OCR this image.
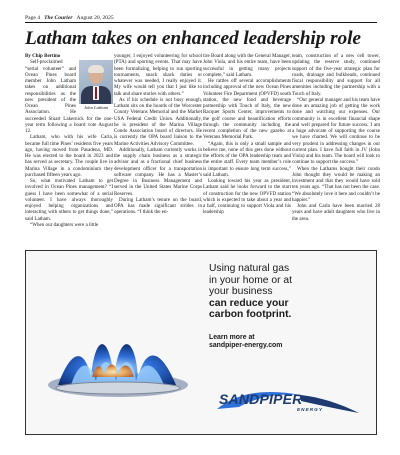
Page 4 The Courier August 20, 2025
Latham takes on enhanced leadership role

By Chip Bertino

John Latham

Self-proclaimed “serial volunteer” and Ocean Pines board member John Latham takes on additional responsibilities as the new president of the Ocean Pines Association. He succeeded Stuart Lakernick for the one-year term following a board vote August 12.

Latham, who with his wife Carla, became full time Pines’ residents five years ago, having moved from Pasadena, MD. He was elected to the board in 2023 and has served as secretary. The couple live in Marina Village in a condominium they purchased fifteen years ago.

So, what motivated Latham to get involved in Ocean Pines management? “I guess I have been somewhat of a serial volunteer. I have always thoroughly enjoyed helping organizations and interacting with others to get things done,” said Latham.

“When our daughters were a little

younger, I enjoyed volunteering for school (PTA) and sporting events. That may have been formalizing, helping to run sporting tournaments, snack shack duties or whatever was needed, I really enjoyed it. My wife would tell you that I just like to talk and share stories with others.”

As if his schedule is not busy enough, Latham sits on the boards of the Worcester County Veterans Memorial and the Market USA Federal Credit Union. Additionally, he is president of the Marina Village Condo Association board of directors. He is currently the OPA board liaison to the Marine Activities Advisory Committee.

Additionally, Latham currently works in the supply chain business as a strategic advisor and as a fractional chief business development officer for a transportation software company. He has a Master’s Degree in Business Management and served in the United States Marine Corps Reserves.

During Latham’s tenure on the board, OPA has made significant strides in operations. “I think the en-

tire Board along with the General Manager, John Viola, and his entire team, have been successful in getting many projects complete,” said Latham.

He rattles off several accomplishments including approval of the new Ocean Pines Volunteer Fire Department (OPVFD) south station, the new food and beverage partnership with Touch of Italy, the new Racquet Sports Center, improvements to the golf course and beautification efforts through the community including the recent completion of the new gazebo at Veterans Memorial Park.

“Again, this is only a small sample and believe me, none of this gets done without the efforts of the OPA leadership team and the entire staff. Every team member’s role is important to ensure long term success,” said Latham.

Looking toward his year as president, Latham said he looks forward to the start of construction for the new OPVFD station which is expected to take about a year and a half, continuing to support Viola and his leadership

team, construction of a new cell tower, updating the reserve study, continued support of the five-year strategic plan for roads, drainage and bulkheads, continued fiscal responsibility and support for all amenities including the partnership with a Touch of Italy.

“Our general manager and his team have done an amazing job of getting the work done and watching our expenses. Our community is in excellent financial shape and well prepared for future success. I am a huge advocate of supporting the course we have charted. We will continue to be very prudent in addressing changes in our current plan. I have full faith in JV (John Viola) and his team. The board will look to continue to support the success.”

When the Lathams bought their condo John thought they would be making an investment and that they would have sold ten years ago. “That has not been the case. “We absolutely love it here and couldn’t be happier.”

John and Carla have been married 28 years and have adult daughters who live in the area.

Using natural gas
in your home or at
your business
can reduce your
carbon footprint.
Learn more at
sandpiper-energy.com
SANDPIPER
ENERGY
